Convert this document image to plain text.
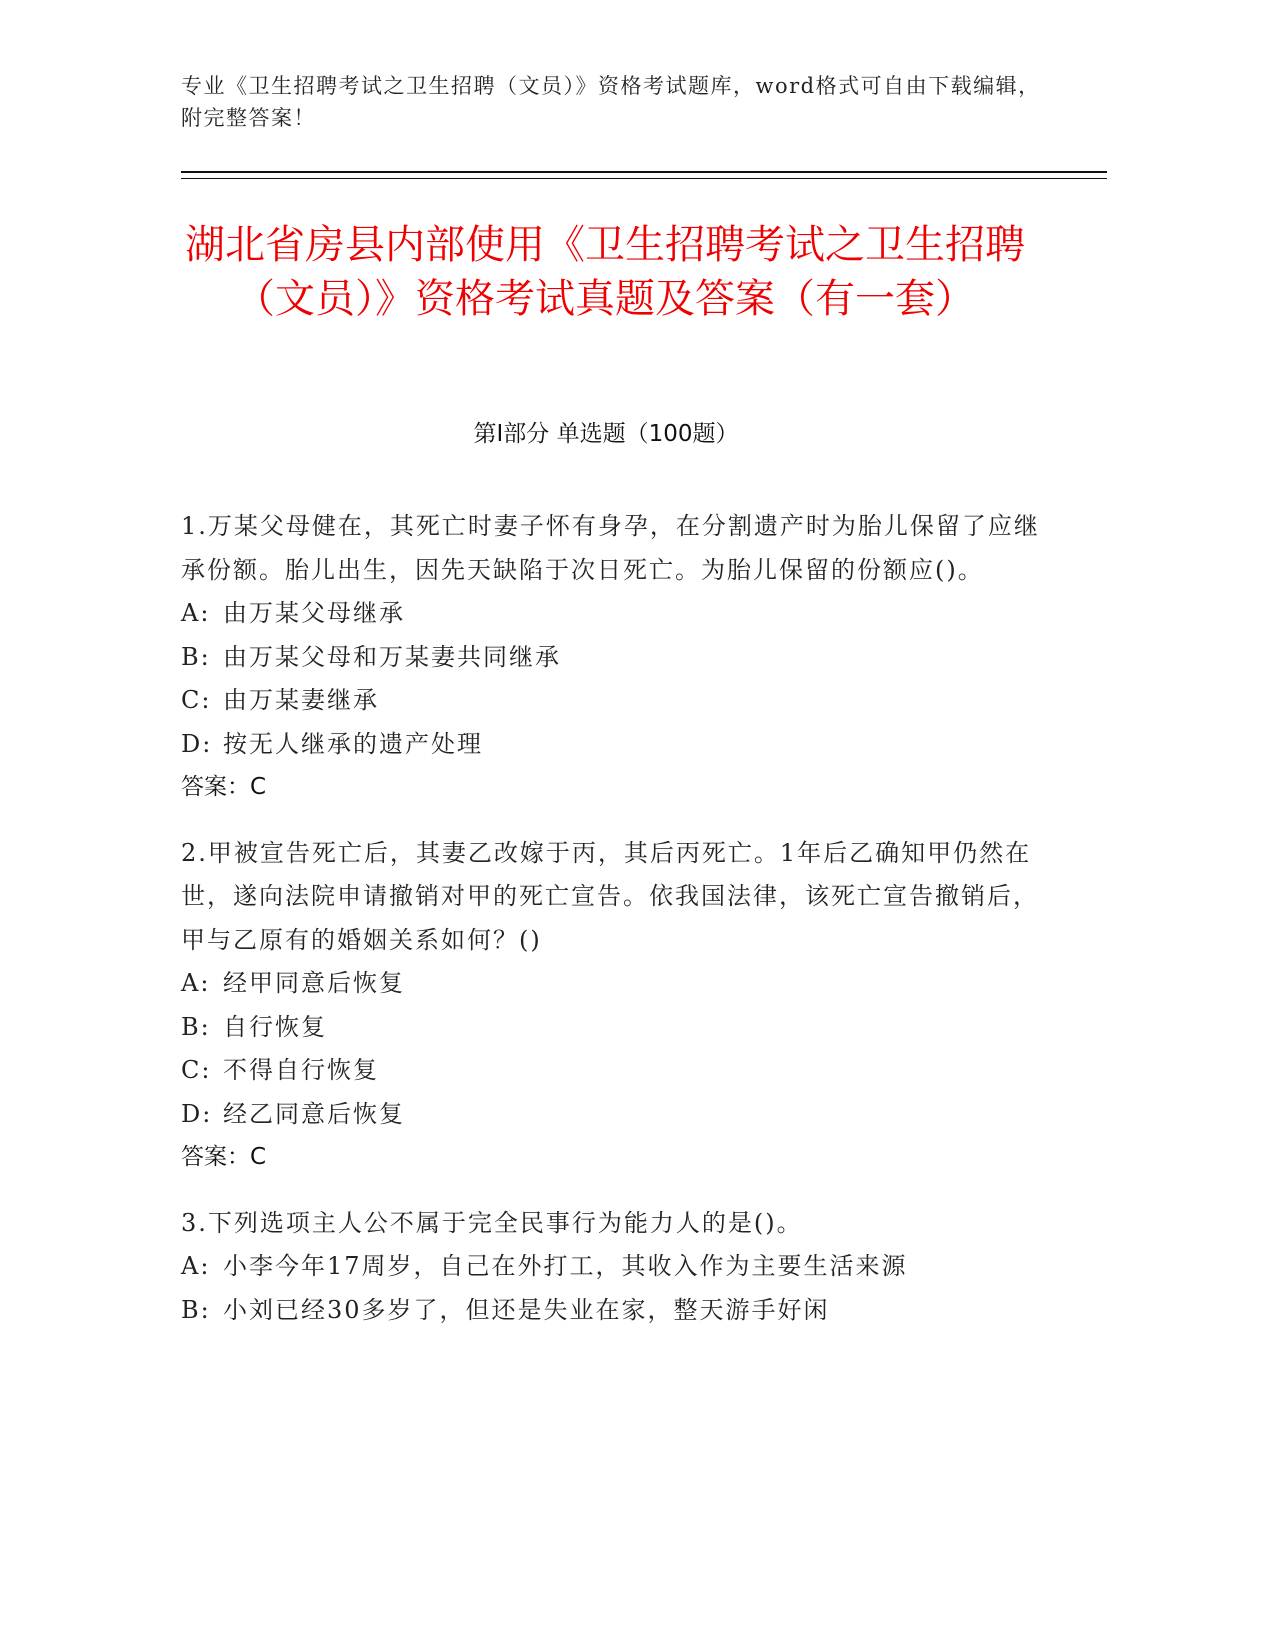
专业《卫生招聘考试之卫生招聘（文员）》资格考试题库，word格式可自由下载编辑，附完整答案！

湖北省房县内部使用《卫生招聘考试之卫生招聘（文员）》资格考试真题及答案（有一套）
第Ⅰ部分 单选题（100题）

1.万某父母健在，其死亡时妻子怀有身孕，在分割遗产时为胎儿保留了应继承份额。胎儿出生，因先天缺陷于次日死亡。为胎儿保留的份额应()。

A: 由万某父母继承

B: 由万某父母和万某妻共同继承

C: 由万某妻继承

D: 按无人继承的遗产处理

答案：C

2.甲被宣告死亡后，其妻乙改嫁于丙，其后丙死亡。1年后乙确知甲仍然在世，遂向法院申请撤销对甲的死亡宣告。依我国法律，该死亡宣告撤销后，甲与乙原有的婚姻关系如何？()

A: 经甲同意后恢复

B: 自行恢复

C: 不得自行恢复

D: 经乙同意后恢复

答案：C

3.下列选项主人公不属于完全民事行为能力人的是()。

A: 小李今年17周岁，自己在外打工，其收入作为主要生活来源

B: 小刘已经30多岁了，但还是失业在家，整天游手好闲
